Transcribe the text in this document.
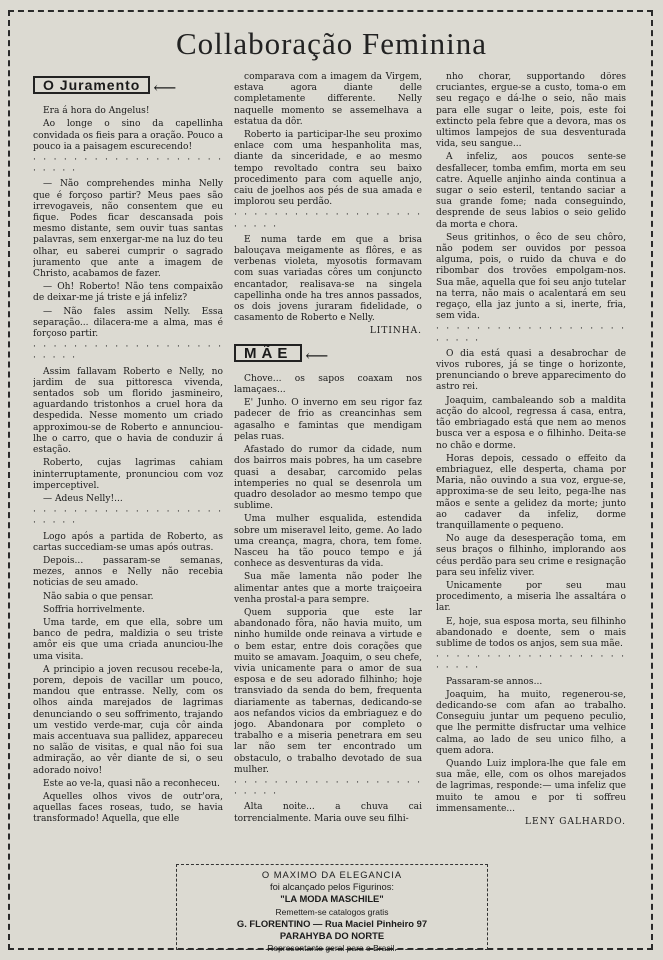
Collaboração Feminina
O Juramento ⟵

Era á hora do Angelus!

Ao longe o sino da capellinha convidada os fieis para a oração. Pouco a pouco ia a paisagem escurecendo!

· · · · · · · · · · · · · · · · · · · · · · · ·

— Não comprehendes minha Nelly que é forçoso partir? Meus paes são irrevogaveis, não consentem que eu fique. Podes ficar descansada pois mesmo distante, sem ouvir tuas santas palavras, sem enxergar-me na luz do teu olhar, eu saberei cumprir o sagrado juramento que ante a imagem de Christo, acabamos de fazer.

— Oh! Roberto! Não tens compaixão de deixar-me já triste e já infeliz?

— Não fales assim Nelly. Essa separação... dilacera-me a alma, mas é forçoso partir.

· · · · · · · · · · · · · · · · · · · · · · · ·

Assim fallavam Roberto e Nelly, no jardim de sua pittoresca vivenda, sentados sob um florido jasmineiro, aguardando tristonhos a cruel hora da despedida. Nesse momento um criado approximou-se de Roberto e annunciou-lhe o carro, que o havia de conduzir á estação.

Roberto, cujas lagrimas cahiam ininterruptamente, pronunciou com voz imperceptivel.

— Adeus Nelly!...

· · · · · · · · · · · · · · · · · · · · · · · ·

Logo após a partida de Roberto, as cartas succediam-se umas após outras.

Depois... passaram-se semanas, mezes, annos e Nelly não recebia noticias de seu amado.

Não sabia o que pensar.

Soffria horrivelmente.

Uma tarde, em que ella, sobre um banco de pedra, maldizia o seu triste amôr eis que uma criada anunciou-lhe uma visita.

A principio a joven recusou recebe-la, porem, depois de vacillar um pouco, mandou que entrasse. Nelly, com os olhos ainda marejados de lagrimas denunciando o seu soffrimento, trajando um vestido verde-mar, cuja côr ainda mais accentuava sua pallidez, appareceu no salão de visitas, e qual não foi sua admiração, ao vêr diante de si, o seu adorado noivo!

Este ao ve-la, quasi não a reconheceu.

Aquelles olhos vivos de outr'ora, aquellas faces roseas, tudo, se havia transformado! Aquella, que elle

comparava com a imagem da Virgem, estava agora diante delle completamente differente. Nelly naquelle momento se assemelhava a estatua da dôr.

Roberto ia participar-lhe seu proximo enlace com uma hespanholita mas, diante da sinceridade, e ao mesmo tempo revoltado contra seu baixo procedimento para com aquelle anjo, caiu de joelhos aos pés de sua amada e implorou seu perdão.

· · · · · · · · · · · · · · · · · · · · · · · ·

E numa tarde em que a brisa balouçava meigamente as flôres, e as verbenas violeta, myosotis formavam com suas variadas côres um conjuncto encantador, realisava-se na singela capellinha onde ha tres annos passados, os dois jovens juraram fidelidade, o casamento de Roberto e Nelly.

LITINHA.

MÃE ⟵

Chove... os sapos coaxam nos lamaçaes...

E' Junho. O inverno em seu rigor faz padecer de frio as creancinhas sem agasalho e famintas que mendigam pelas ruas.

Afastado do rumor da cidade, num dos bairros mais pobres, ha um casebre quasi a desabar, carcomido pelas intemperies no qual se desenrola um quadro desolador ao mesmo tempo que sublime.

Uma mulher esqualida, estendida sobre um miseravel leito, geme. Ao lado uma creança, magra, chora, tem fome. Nasceu ha tão pouco tempo e já conhece as desventuras da vida.

Sua mãe lamenta não poder lhe alimentar antes que a morte traiçoeira venha prostal-a para sempre.

Quem supporia que este lar abandonado fôra, não havia muito, um ninho humilde onde reinava a virtude e o bem estar, entre dois corações que muito se amavam. Joaquim, o seu chefe, vivia unicamente para o amor de sua esposa e de seu adorado filhinho; hoje transviado da senda do bem, frequenta diariamente as tabernas, dedicando-se aos nefandos vicios da embriaguez e do jogo. Abandonara por completo o trabalho e a miseria penetrara em seu lar não sem ter encontrado um obstaculo, o trabalho devotado de sua mulher.

· · · · · · · · · · · · · · · · · · · · · · · ·

Alta noite... a chuva cai torrencialmente. Maria ouve seu filhi-

nho chorar, supportando dôres cruciantes, ergue-se a custo, toma-o em seu regaço e dá-lhe o seio, não mais para elle sugar o leite, pois, este foi extincto pela febre que a devora, mas os ultimos lampejos de sua desventurada vida, seu sangue...

A infeliz, aos poucos sente-se desfallecer, tomba emfim, morta em seu catre. Aquelle anjinho ainda continua a sugar o seio esteril, tentando saciar a sua grande fome; nada conseguindo, desprende de seus labios o seio gelido da morta e chora.

Seus gritinhos, o êco de seu chôro, não podem ser ouvidos por pessoa alguma, pois, o ruido da chuva e do ribombar dos trovões empolgam-nos. Sua mãe, aquella que foi seu anjo tutelar na terra, não mais o acalentará em seu regaço, ella jaz junto a si, inerte, fria, sem vida.

· · · · · · · · · · · · · · · · · · · · · · · ·

O dia está quasi a desabrochar de vivos rubores, já se tinge o horizonte, prenunciando o breve apparecimento do astro rei.

Joaquim, cambaleando sob a maldita acção do alcool, regressa á casa, entra, tão embriagado está que nem ao menos busca ver a esposa e o filhinho. Deita-se no chão e dorme.

Horas depois, cessado o effeito da embriaguez, elle desperta, chama por Maria, não ouvindo a sua voz, ergue-se, approxima-se de seu leito, pega-lhe nas mãos e sente a gelidez da morte; junto ao cadaver da infeliz, dorme tranquillamente o pequeno.

No auge da desesperação toma, em seus braços o filhinho, implorando aos céus perdão para seu crime e resignação para seu infeliz viver.

Unicamente por seu mau procedimento, a miseria lhe assaltára o lar.

E, hoje, sua esposa morta, seu filhinho abandonado e doente, sem o mais sublime de todos os anjos, sem sua mãe.

· · · · · · · · · · · · · · · · · · · · · · · ·

Passaram-se annos...

Joaquim, ha muito, regenerou-se, dedicando-se com afan ao trabalho. Conseguiu juntar um pequeno peculio, que lhe permitte disfructar uma velhice calma, ao lado de seu unico filho, a quem adora.

Quando Luiz implora-lhe que fale em sua mãe, elle, com os olhos marejados de lagrimas, responde:— uma infeliz que muito te amou e por ti soffreu immensamente...

LENY GALHARDO.

O MAXIMO DA ELEGANCIA
foi alcançado pelos Figurinos:
"LA MODA MASCHILE"
Remettem-se catalogos gratis
G. FLORENTINO — Rua Maciel Pinheiro 97
PARAHYBA DO NORTE
Representante geral para o Brasil.
